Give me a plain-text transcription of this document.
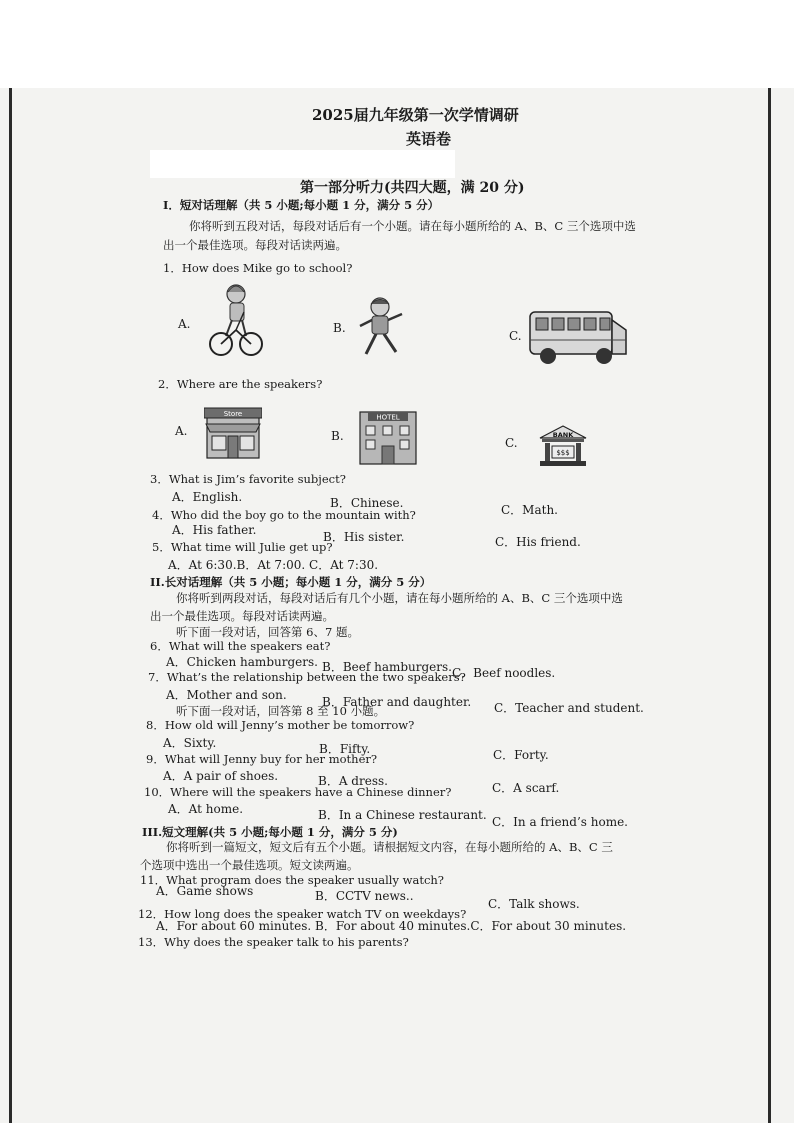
2025届九年级第一次学情调研
英语卷
第一部分听力(共四大题，满 20 分)
I．短对话理解（共 5 小题;每小题 1 分，满分 5 分）
你将听到五段对话，每段对话后有一个小题。请在每小题所给的 A、B、C 三个选项中选
出一个最佳选项。每段对话读两遍。
1．How does Mike go to school?
A.	B.
C.
2．Where are the speakers?
A.	B.	C.
Store	HOTEL
BANK
$$$
3．What is Jim’s favorite subject?
A．English.	B．Chinese.	C．Math.
4．Who did the boy go to the mountain with?
A．His father.	B．His sister.	C．His friend.
5．What time will Julie get up?
A．At 6:30.B．At 7:00. C．At 7:30.
II.长对话理解（共 5 小题；每小题 1 分，满分 5 分）
你将听到两段对话，每段对话后有几个小题，请在每小题所给的 A、B、C 三个选项中选
出一个最佳选项。每段对话读两遍。
听下面一段对话，回答第 6、7 题。
6．What will the speakers eat?
A．Chicken hamburgers. B．Beef hamburgers. C．Beef noodles.
7．What’s the relationship between the two speakers?
A．Mother and son.	B．Father and daughter. C．Teacher and student.
听下面一段对话，回答第 8 至 10 小题。
8．How old will Jenny’s mother be tomorrow?
A．Sixty.	B．Fifty.	C．Forty.
9．What will Jenny buy for her mother?
A．A pair of shoes.	B．A dress.	C．A scarf.
10．Where will the speakers have a Chinese dinner?
A．At home.	B．In a Chinese restaurant. C．In a friend’s home.
III.短文理解(共 5 小题;每小题 1 分，满分 5 分)
你将听到一篇短文，短文后有五个小题。请根据短文内容，在每小题所给的 A、B、C 三
个选项中选出一个最佳选项。短文读两遍。
11．What program does the speaker usually watch?
A．Game shows	B．CCTV news..
C．Talk shows.
12．How long does the speaker watch TV on weekdays?
A．For about 60 minutes. B．For about 40 minutes.C．For about 30 minutes.
13．Why does the speaker talk to his parents?
